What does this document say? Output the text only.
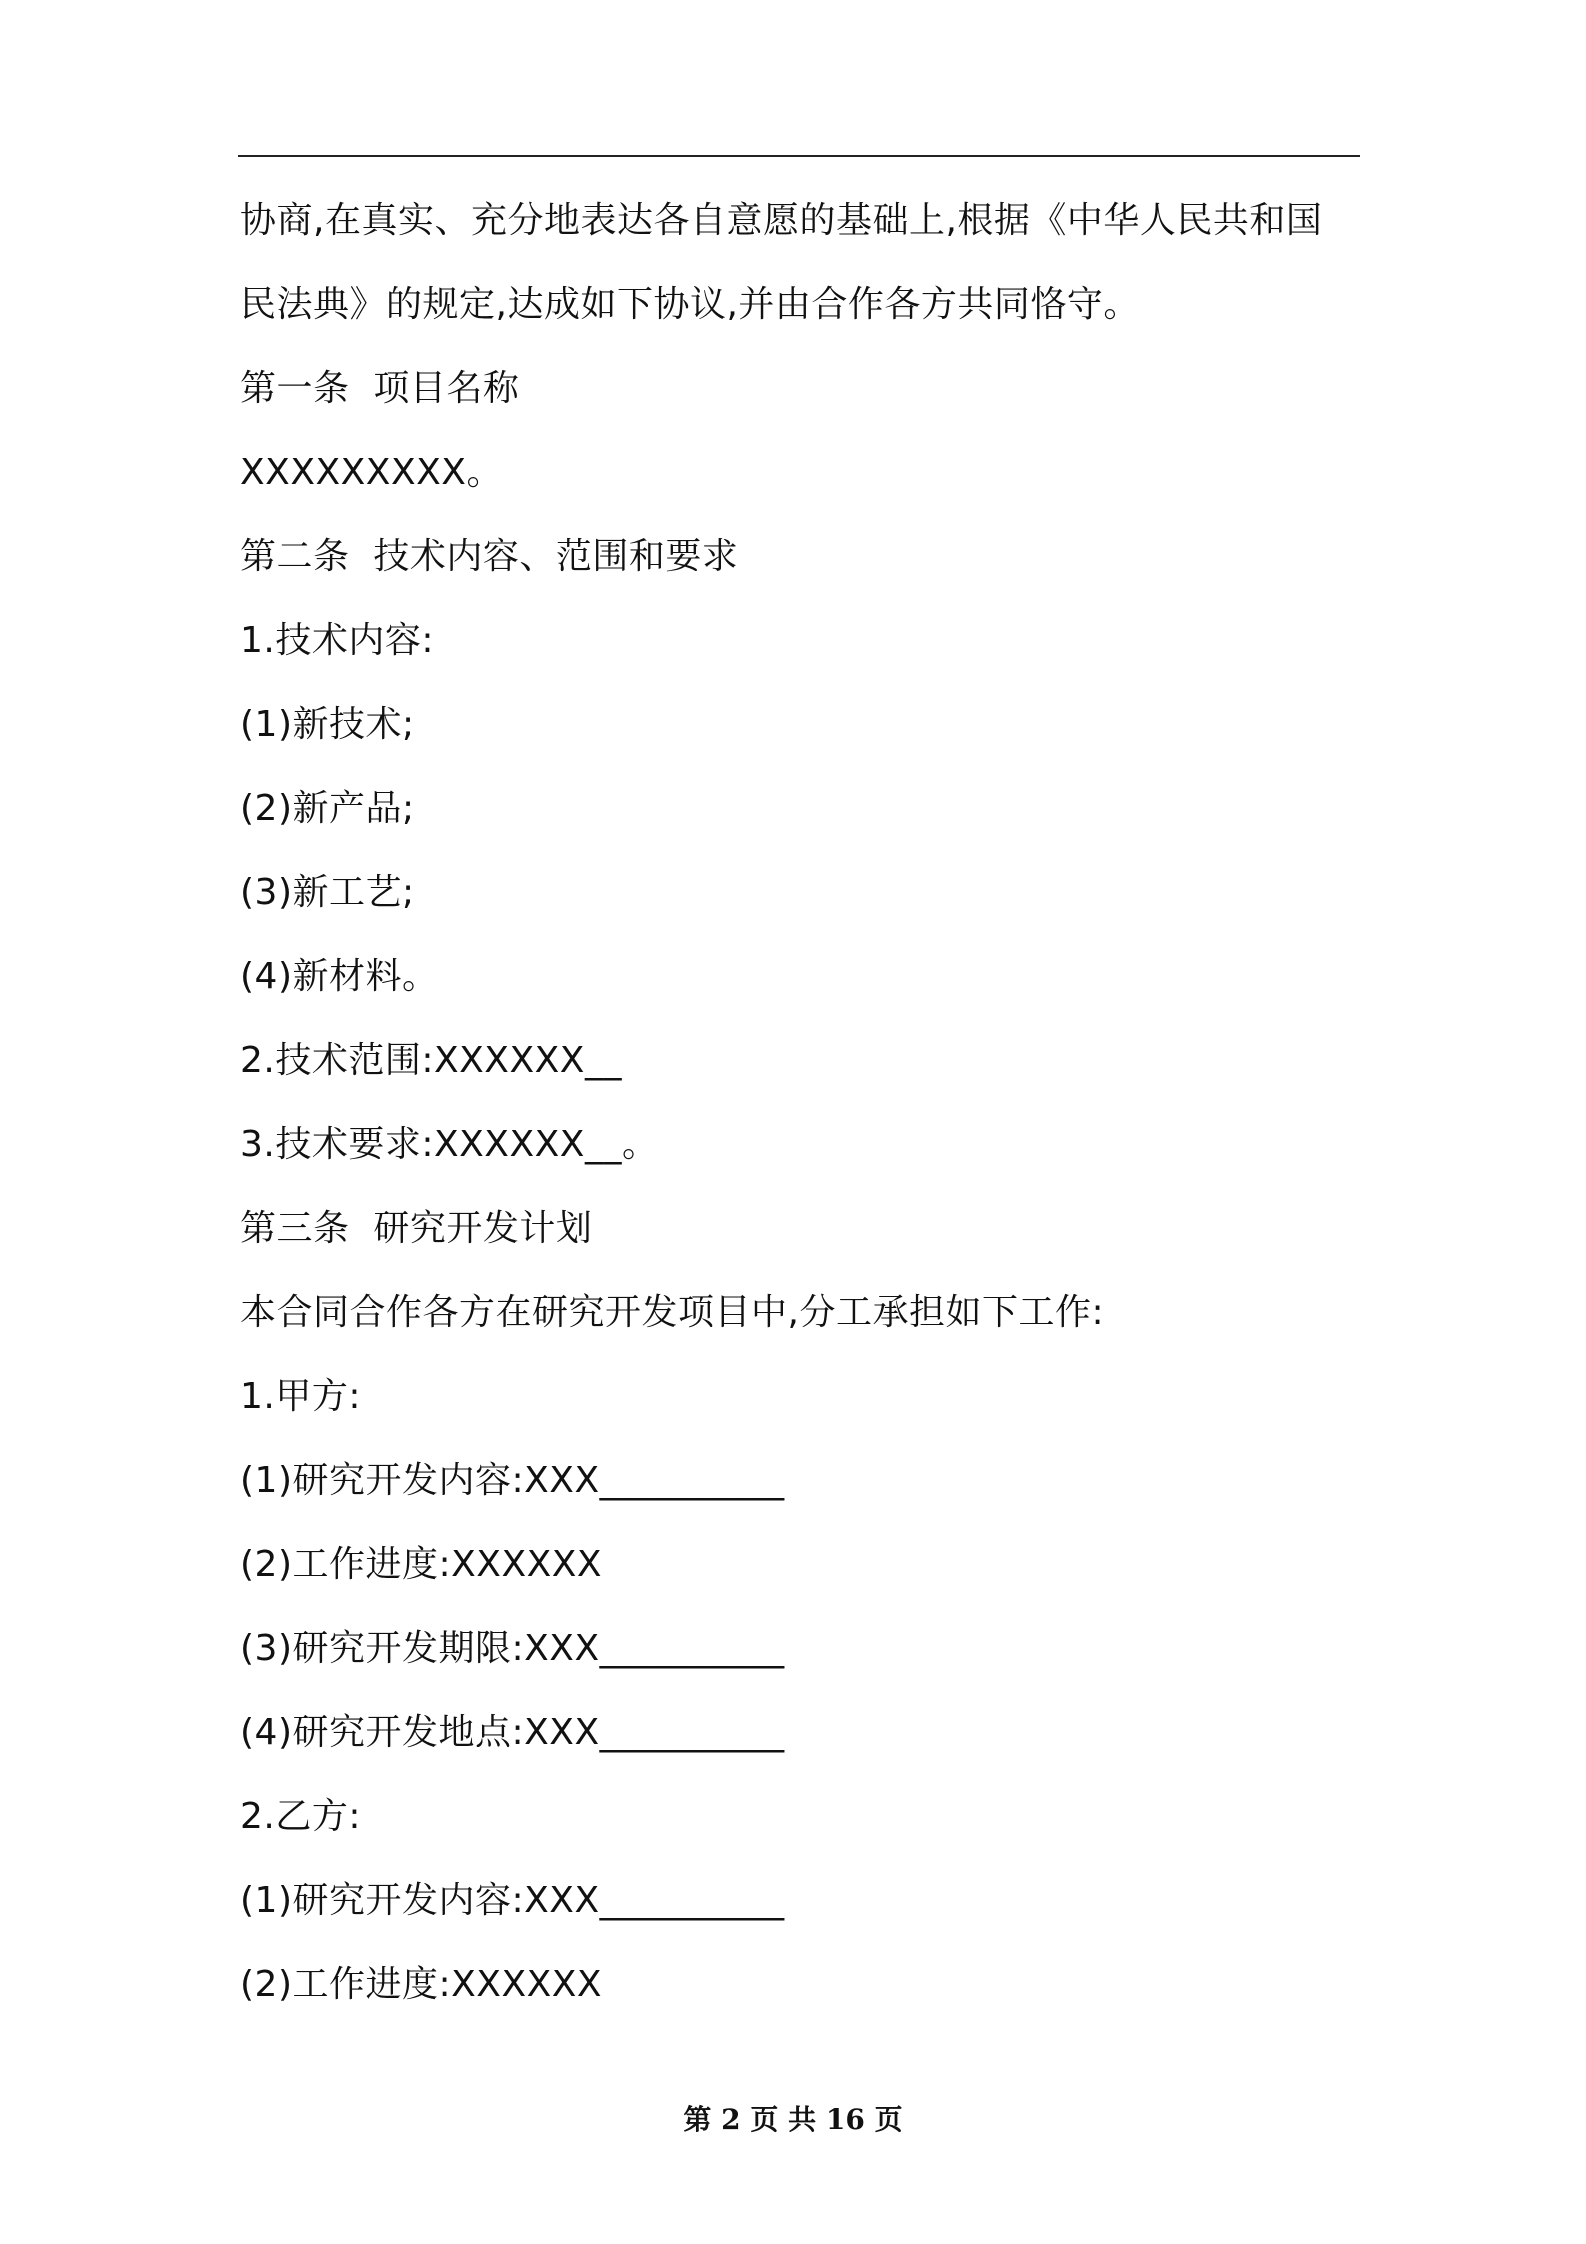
协商,在真实、充分地表达各自意愿的基础上,根据《中华人民共和国
民法典》的规定,达成如下协议,并由合作各方共同恪守。
第一条  项目名称
XXXXXXXXX。
第二条  技术内容、范围和要求
1.技术内容:
(1)新技术;
(2)新产品;
(3)新工艺;
(4)新材料。
2.技术范围:XXXXXX__
3.技术要求:XXXXXX__。
第三条  研究开发计划
本合同合作各方在研究开发项目中,分工承担如下工作:
1.甲方:
(1)研究开发内容:XXX__________
(2)工作进度:XXXXXX
(3)研究开发期限:XXX__________
(4)研究开发地点:XXX__________
2.乙方:
(1)研究开发内容:XXX__________
(2)工作进度:XXXXXX
第 2 页 共 16 页
